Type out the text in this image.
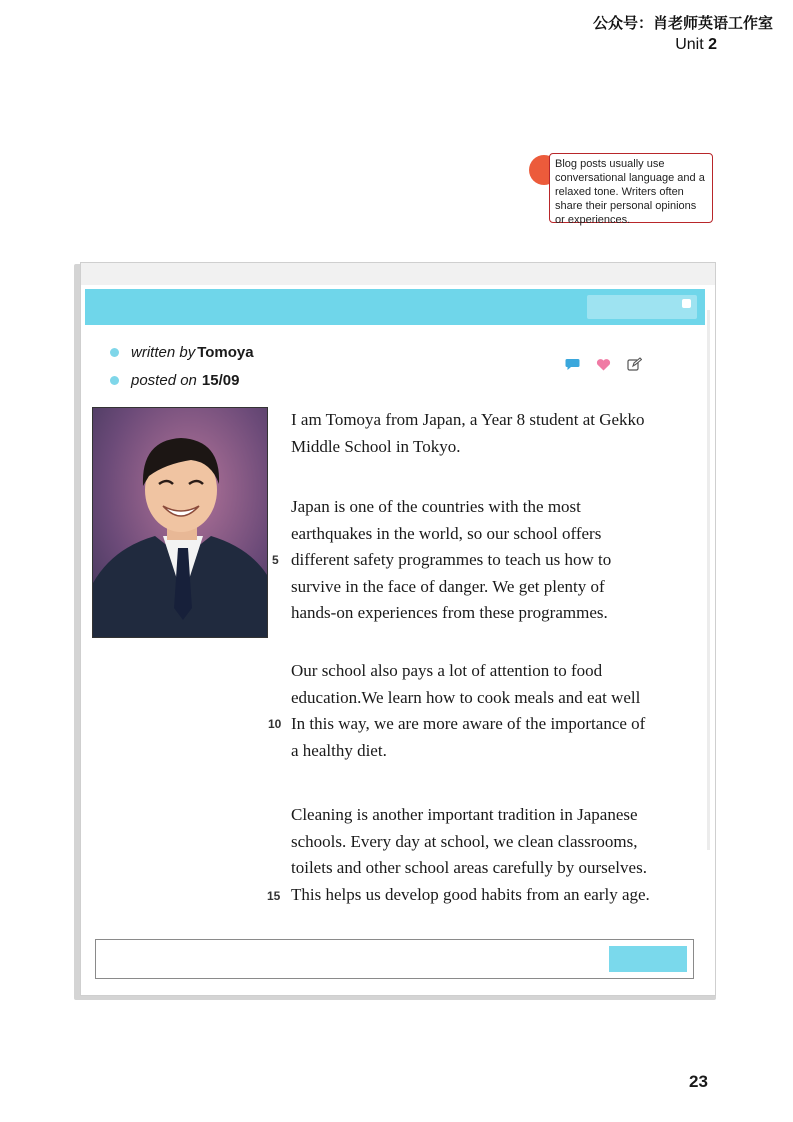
公众号：肖老师英语工作室
Unit 2
Blog posts usually use conversational language and a relaxed tone. Writers often share their personal opinions or experiences.
written by Tomoya
posted on 15/09
I am Tomoya from Japan, a Year 8 student at Gekko
Middle School in Tokyo.
Japan is one of the countries with the most
earthquakes in the world, so our school offers
different safety programmes to teach us how to
survive in the face of danger. We get plenty of
hands-on experiences from these programmes.
5
Our school also pays a lot of attention to food
education.We learn how to cook meals and eat well
In this way, we are more aware of the importance of
a healthy diet.
10
Cleaning is another important tradition in Japanese
schools. Every day at school, we clean classrooms,
toilets and other school areas carefully by ourselves.
This helps us develop good habits from an early age.
15
23
